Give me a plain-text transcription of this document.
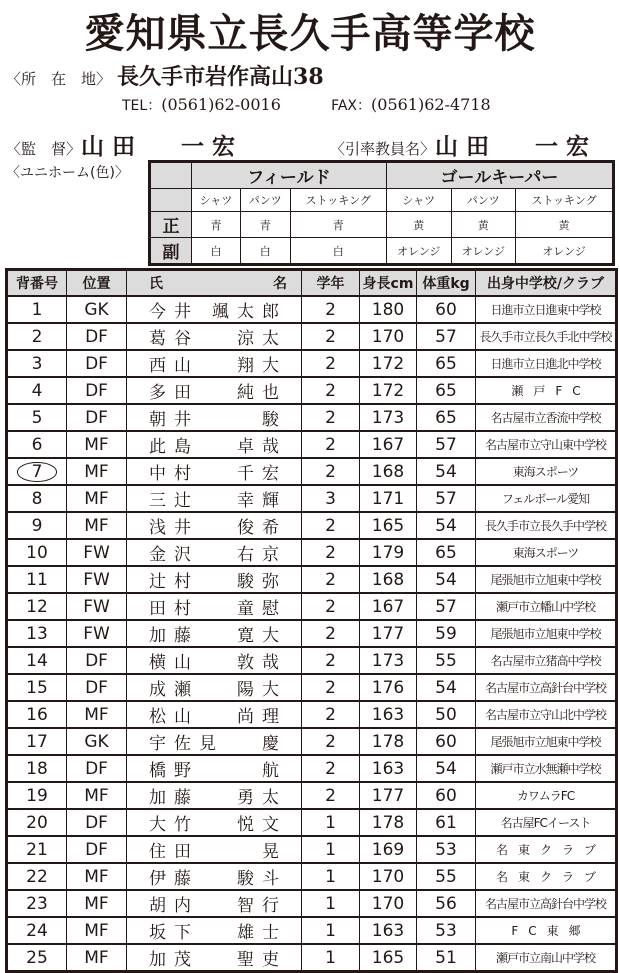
愛知県立長久手高等学校
〈所　在　地〉 長久手市岩作高山38
TEL：(0561)62-0016	FAX：(0561)62-4718
〈監　督〉山 田　　一 宏	〈引率教員名〉山 田　　一 宏
〈ユニホーム(色)〉
		フィールド			ゴールキーパー		
	シャツ	パンツ	ストッキング	シャツ	パンツ	ストッキング
正	青	青	青	黄	黄	黄
副	白	白	白	オレンジ	オレンジ	オレンジ
背番号	位置	氏 名	学年	身長cm	体重kg	出身中学校/クラブ
1	GK	今井 颯太郎	2	180	60	日進市立日進東中学校
2	DF	葛谷 涼太	2	170	57	長久手市立長久手北中学校
3	DF	西山 翔大	2	172	65	日進市立日進北中学校
4	DF	多田 純也	2	172	65	瀬　戸　F　C
5	DF	朝井 駿	2	173	65	名古屋市立香流中学校
6	MF	此島 卓哉	2	167	57	名古屋市立守山東中学校
7	MF	中村 千宏	2	168	54	東海スポーツ
8	MF	三辻 幸輝	3	171	57	フェルボール愛知
9	MF	浅井 俊希	2	165	54	長久手市立長久手中学校
10	FW	金沢 右京	2	179	65	東海スポーツ
11	FW	辻村 駿弥	2	168	54	尾張旭市立旭東中学校
12	FW	田村 童慰	2	167	57	瀬戸市立幡山中学校
13	FW	加藤 寛大	2	177	59	尾張旭市立旭東中学校
14	DF	横山 敦哉	2	173	55	名古屋市立猪高中学校
15	DF	成瀬 陽大	2	176	54	名古屋市立高針台中学校
16	MF	松山 尚理	2	163	50	名古屋市立守山北中学校
17	GK	宇佐見 慶	2	178	60	尾張旭市立旭東中学校
18	DF	橋野 航	2	163	54	瀬戸市立水無瀬中学校
19	MF	加藤 勇太	2	177	60	カワムラFC
20	DF	大竹 悦文	1	178	61	名古屋FCイースト
21	DF	住田 晃	1	169	53	名　東　ク　ラ　ブ
22	MF	伊藤 駿斗	1	170	55	名　東　ク　ラ　ブ
23	MF	胡内 智行	1	170	56	名古屋市立高針台中学校
24	MF	坂下 雄士	1	163	53	F　C　東　郷
25	MF	加茂 聖吏	1	165	51	瀬戸市立南山中学校
